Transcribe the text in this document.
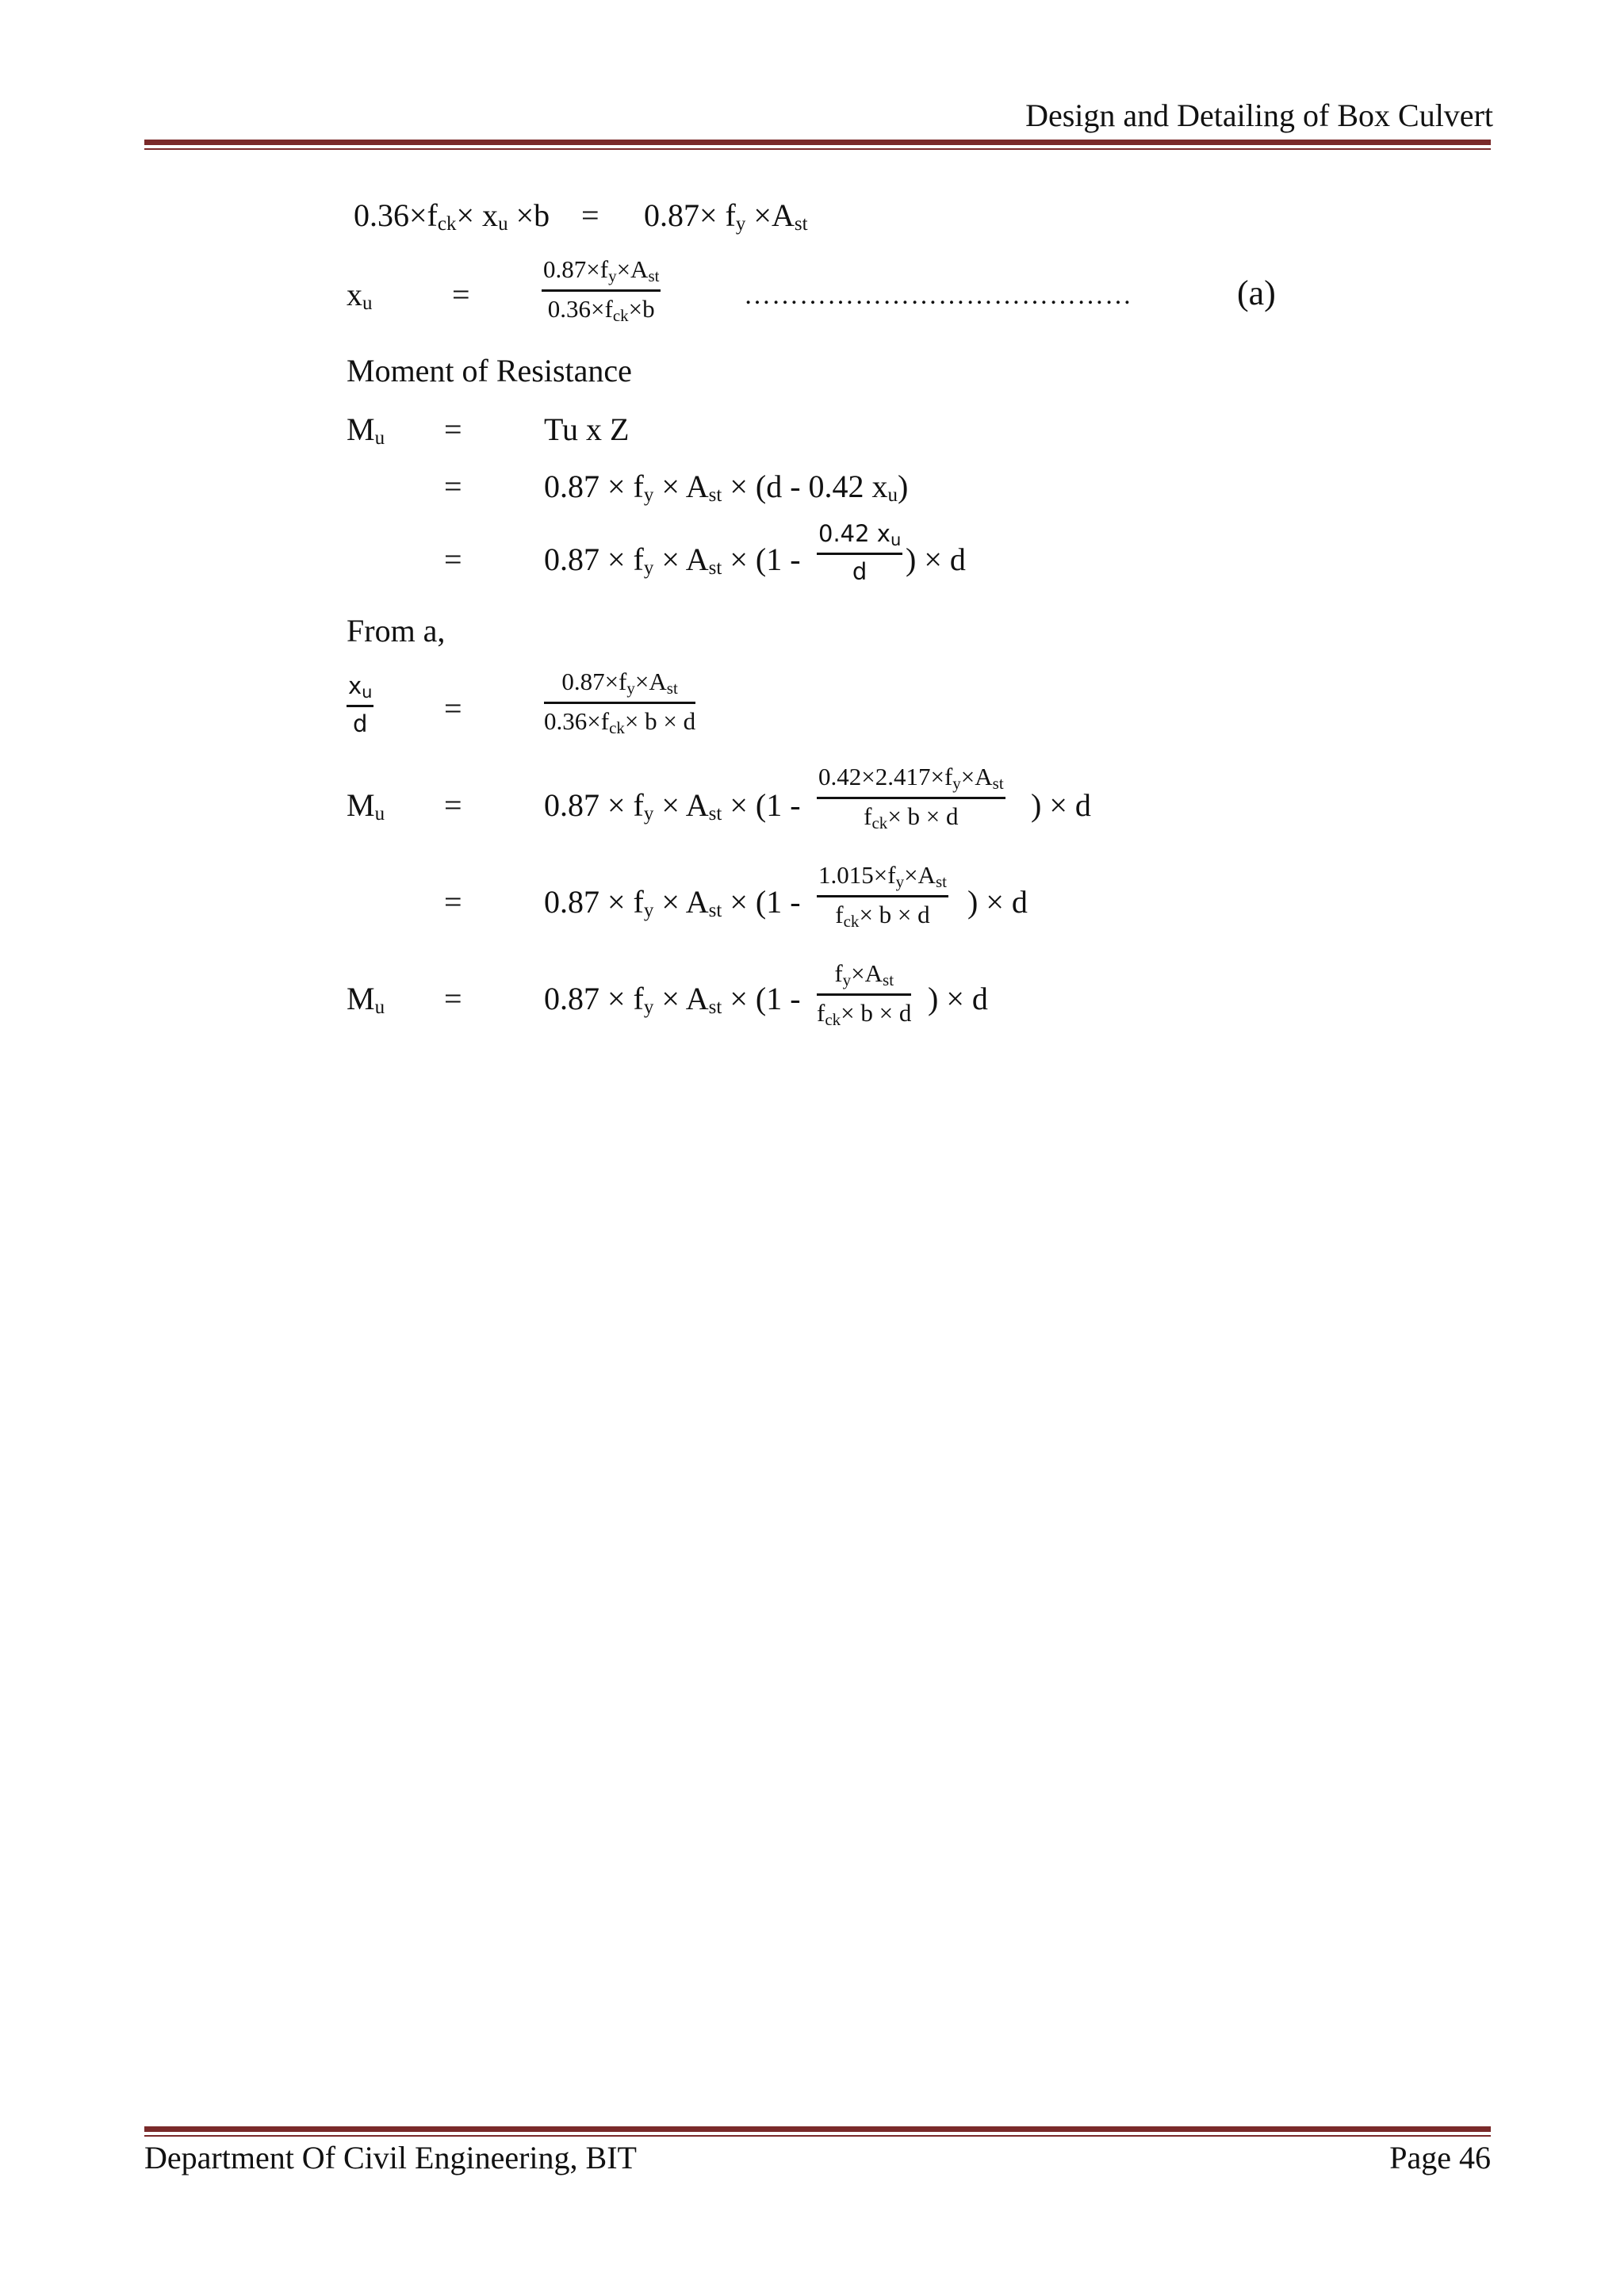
Design and Detailing of Box Culvert
$0.36\times f_{ck}\times x_u \times b = 0.87\times f_y \times A_{st}$
$x_u$	=
$0.87\times f_y\times A_{st}$
$0.36\times f_{ck}\times b$	……………………………………	(a)
Moment of Resistance
$M_u$ =	Tu x Z
=	$0.87 \times f_y \times A_{st} \times (d - 0.42$ $x_u$)
=	$0.87 \times f_y \times A_{st} \times (1 - \frac{0.42 x_u}{d}$ ) × d
From a,
$\frac{x_u}{d}$ =
$0.87\times f_y\times A_{st}$
$0.36\times f_{ck}\times b \times d$
$M_u$ =	$0.87 \times f_y \times A_{st} \times (1$ -
$0.42\times 2.417\times f_y\times A_{st}$
$f_{ck}\times b \times d$	) × d
=	$0.87 \times f_y \times A_{st} \times (1$ -
$1.015\times f_y\times A_{st}$
$f_{ck}\times b \times d$	) × d
$M_u$ =	$0.87 \times f_y \times A_{st} \times (1$ -
$f_y\times A_{st}$
$f_{ck}\times b \times d$ ) × d
Department Of Civil Engineering, BIT	Page 46
